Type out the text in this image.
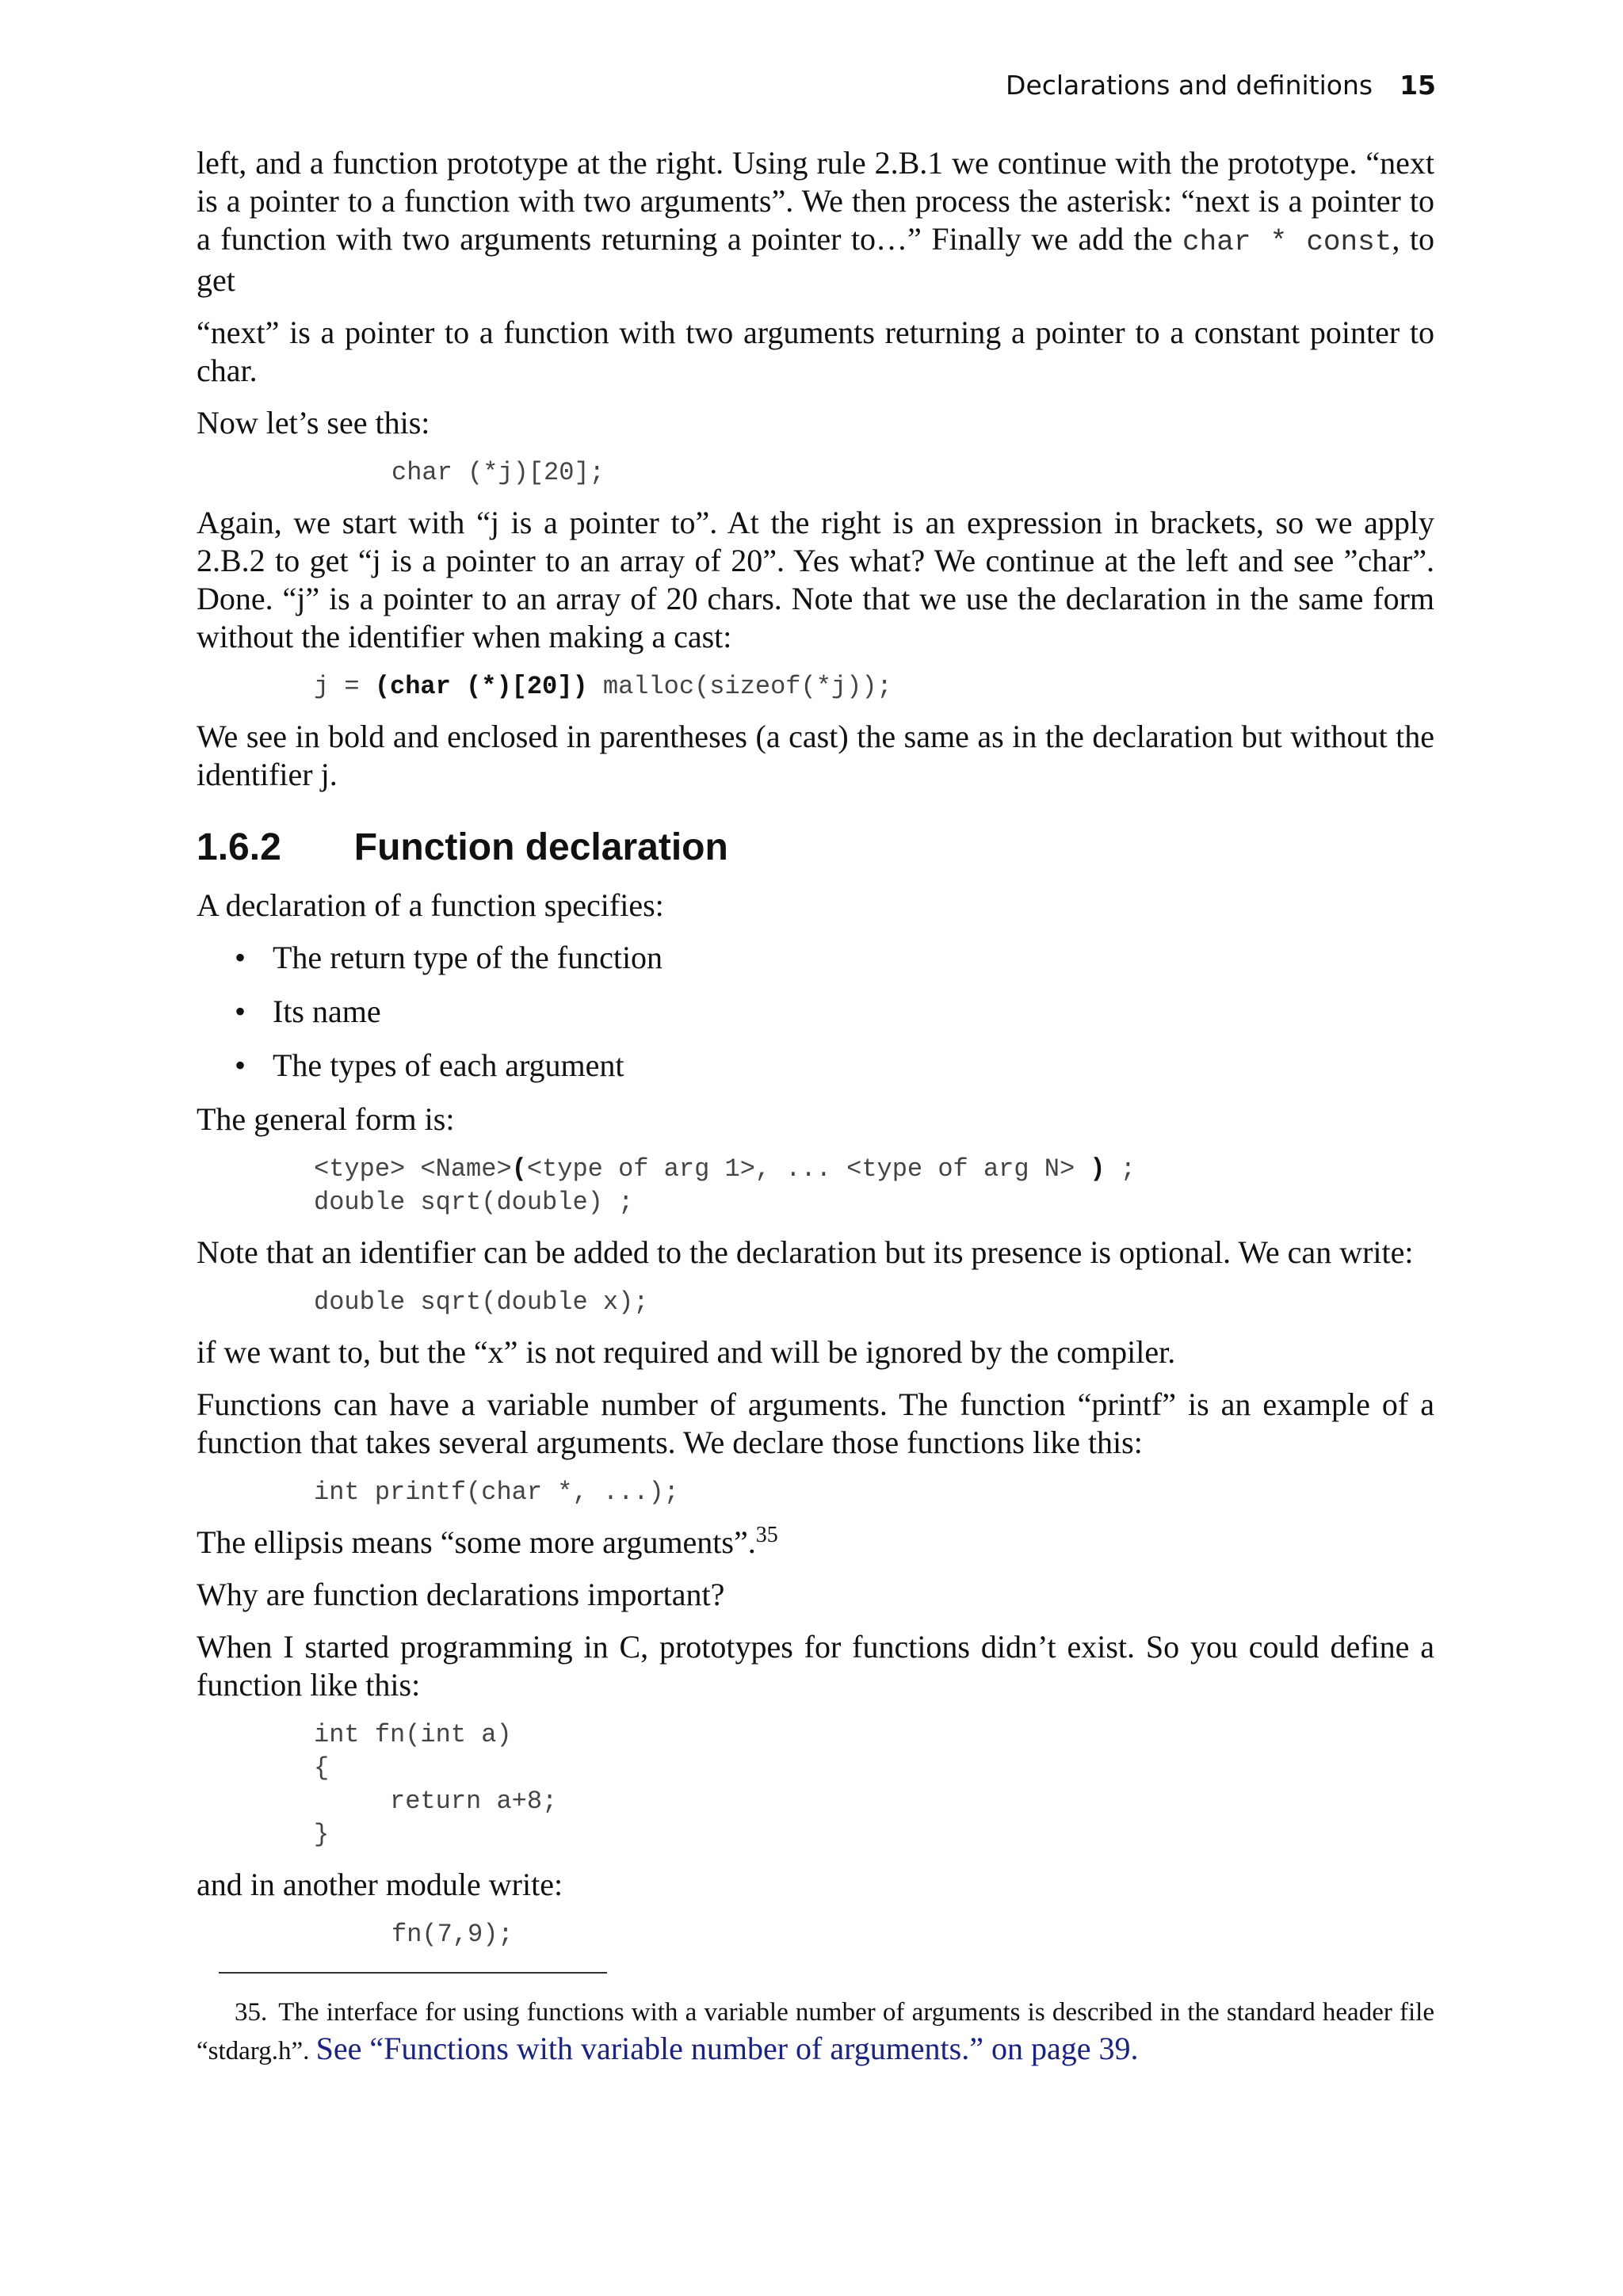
Declarations and definitions 15

left, and a function prototype at the right. Using rule 2.B.1 we continue with the prototype. “next is a pointer to a function with two arguments”. We then process the asterisk: “next is a pointer to a function with two arguments returning a pointer to…” Finally we add the char * const, to get

“next” is a pointer to a function with two arguments returning a pointer to a constant pointer to char.

Now let’s see this:

char (*j)[20];

Again, we start with “j is a pointer to”. At the right is an expression in brackets, so we apply 2.B.2 to get “j is a pointer to an array of 20”. Yes what? We continue at the left and see ”char”. Done. “j” is a pointer to an array of 20 chars. Note that we use the declaration in the same form without the identifier when making a cast:

j = (char (*)[20]) malloc(sizeof(*j));

We see in bold and enclosed in parentheses (a cast) the same as in the declaration but without the identifier j.

1.6.2 Function declaration

A declaration of a function specifies:

• The return type of the function
• Its name
• The types of each argument

The general form is:

<type> <Name>(<type of arg 1>, ... <type of arg N> ) ;
double sqrt(double) ;

Note that an identifier can be added to the declaration but its presence is optional. We can write:

double sqrt(double x);

if we want to, but the “x” is not required and will be ignored by the compiler.

Functions can have a variable number of arguments. The function “printf” is an example of a function that takes several arguments. We declare those functions like this:

int printf(char *, ...);

The ellipsis means “some more arguments”.$^{35}$

Why are function declarations important?

When I started programming in C, prototypes for functions didn’t exist. So you could define a function like this:

int fn(int a)
{
return a+8;
}

and in another module write:

fn(7,9);
35. The interface for using functions with a variable number of arguments is described in the standard header file “stdarg.h”. See “Functions with variable number of arguments.” on page 39.
